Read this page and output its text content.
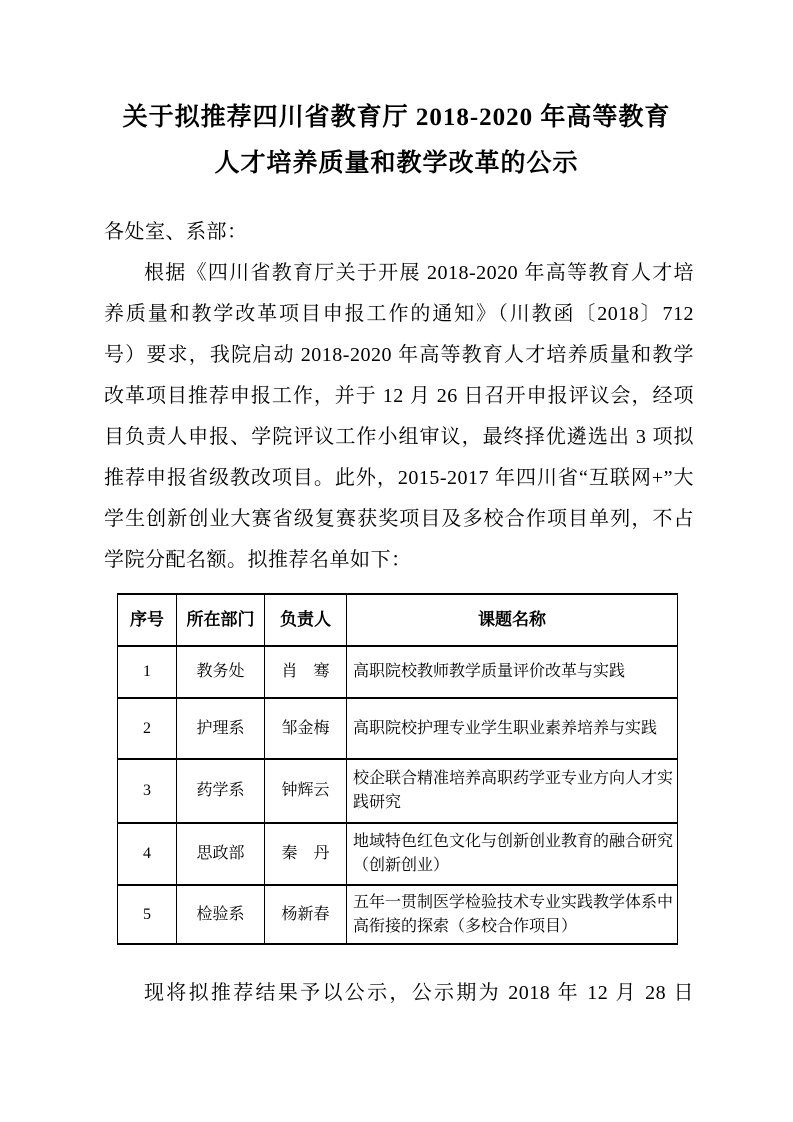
关于拟推荐四川省教育厅 2018-2020 年高等教育
人才培养质量和教学改革的公示

各处室、系部：

根据《四川省教育厅关于开展 2018-2020 年高等教育人才培养质量和教学改革项目申报工作的通知》（川教函〔2018〕712 号）要求，我院启动 2018-2020 年高等教育人才培养质量和教学改革项目推荐申报工作，并于 12 月 26 日召开申报评议会，经项目负责人申报、学院评议工作小组审议，最终择优遴选出 3 项拟推荐申报省级教改项目。此外，2015-2017 年四川省“互联网+”大学生创新创业大赛省级复赛获奖项目及多校合作项目单列，不占学院分配名额。拟推荐名单如下：

序号	所在部门	负责人	课题名称
1	教务处	肖　骞	高职院校教师教学质量评价改革与实践
2	护理系	邹金梅	高职院校护理专业学生职业素养培养与实践
3	药学系	钟辉云	校企联合精准培养高职药学亚专业方向人才实践研究
4	思政部	秦　丹	地域特色红色文化与创新创业教育的融合研究（创新创业）
5	检验系	杨新春	五年一贯制医学检验技术专业实践教学体系中高衔接的探索（多校合作项目）

现将拟推荐结果予以公示，公示期为 2018 年 12 月 28 日
